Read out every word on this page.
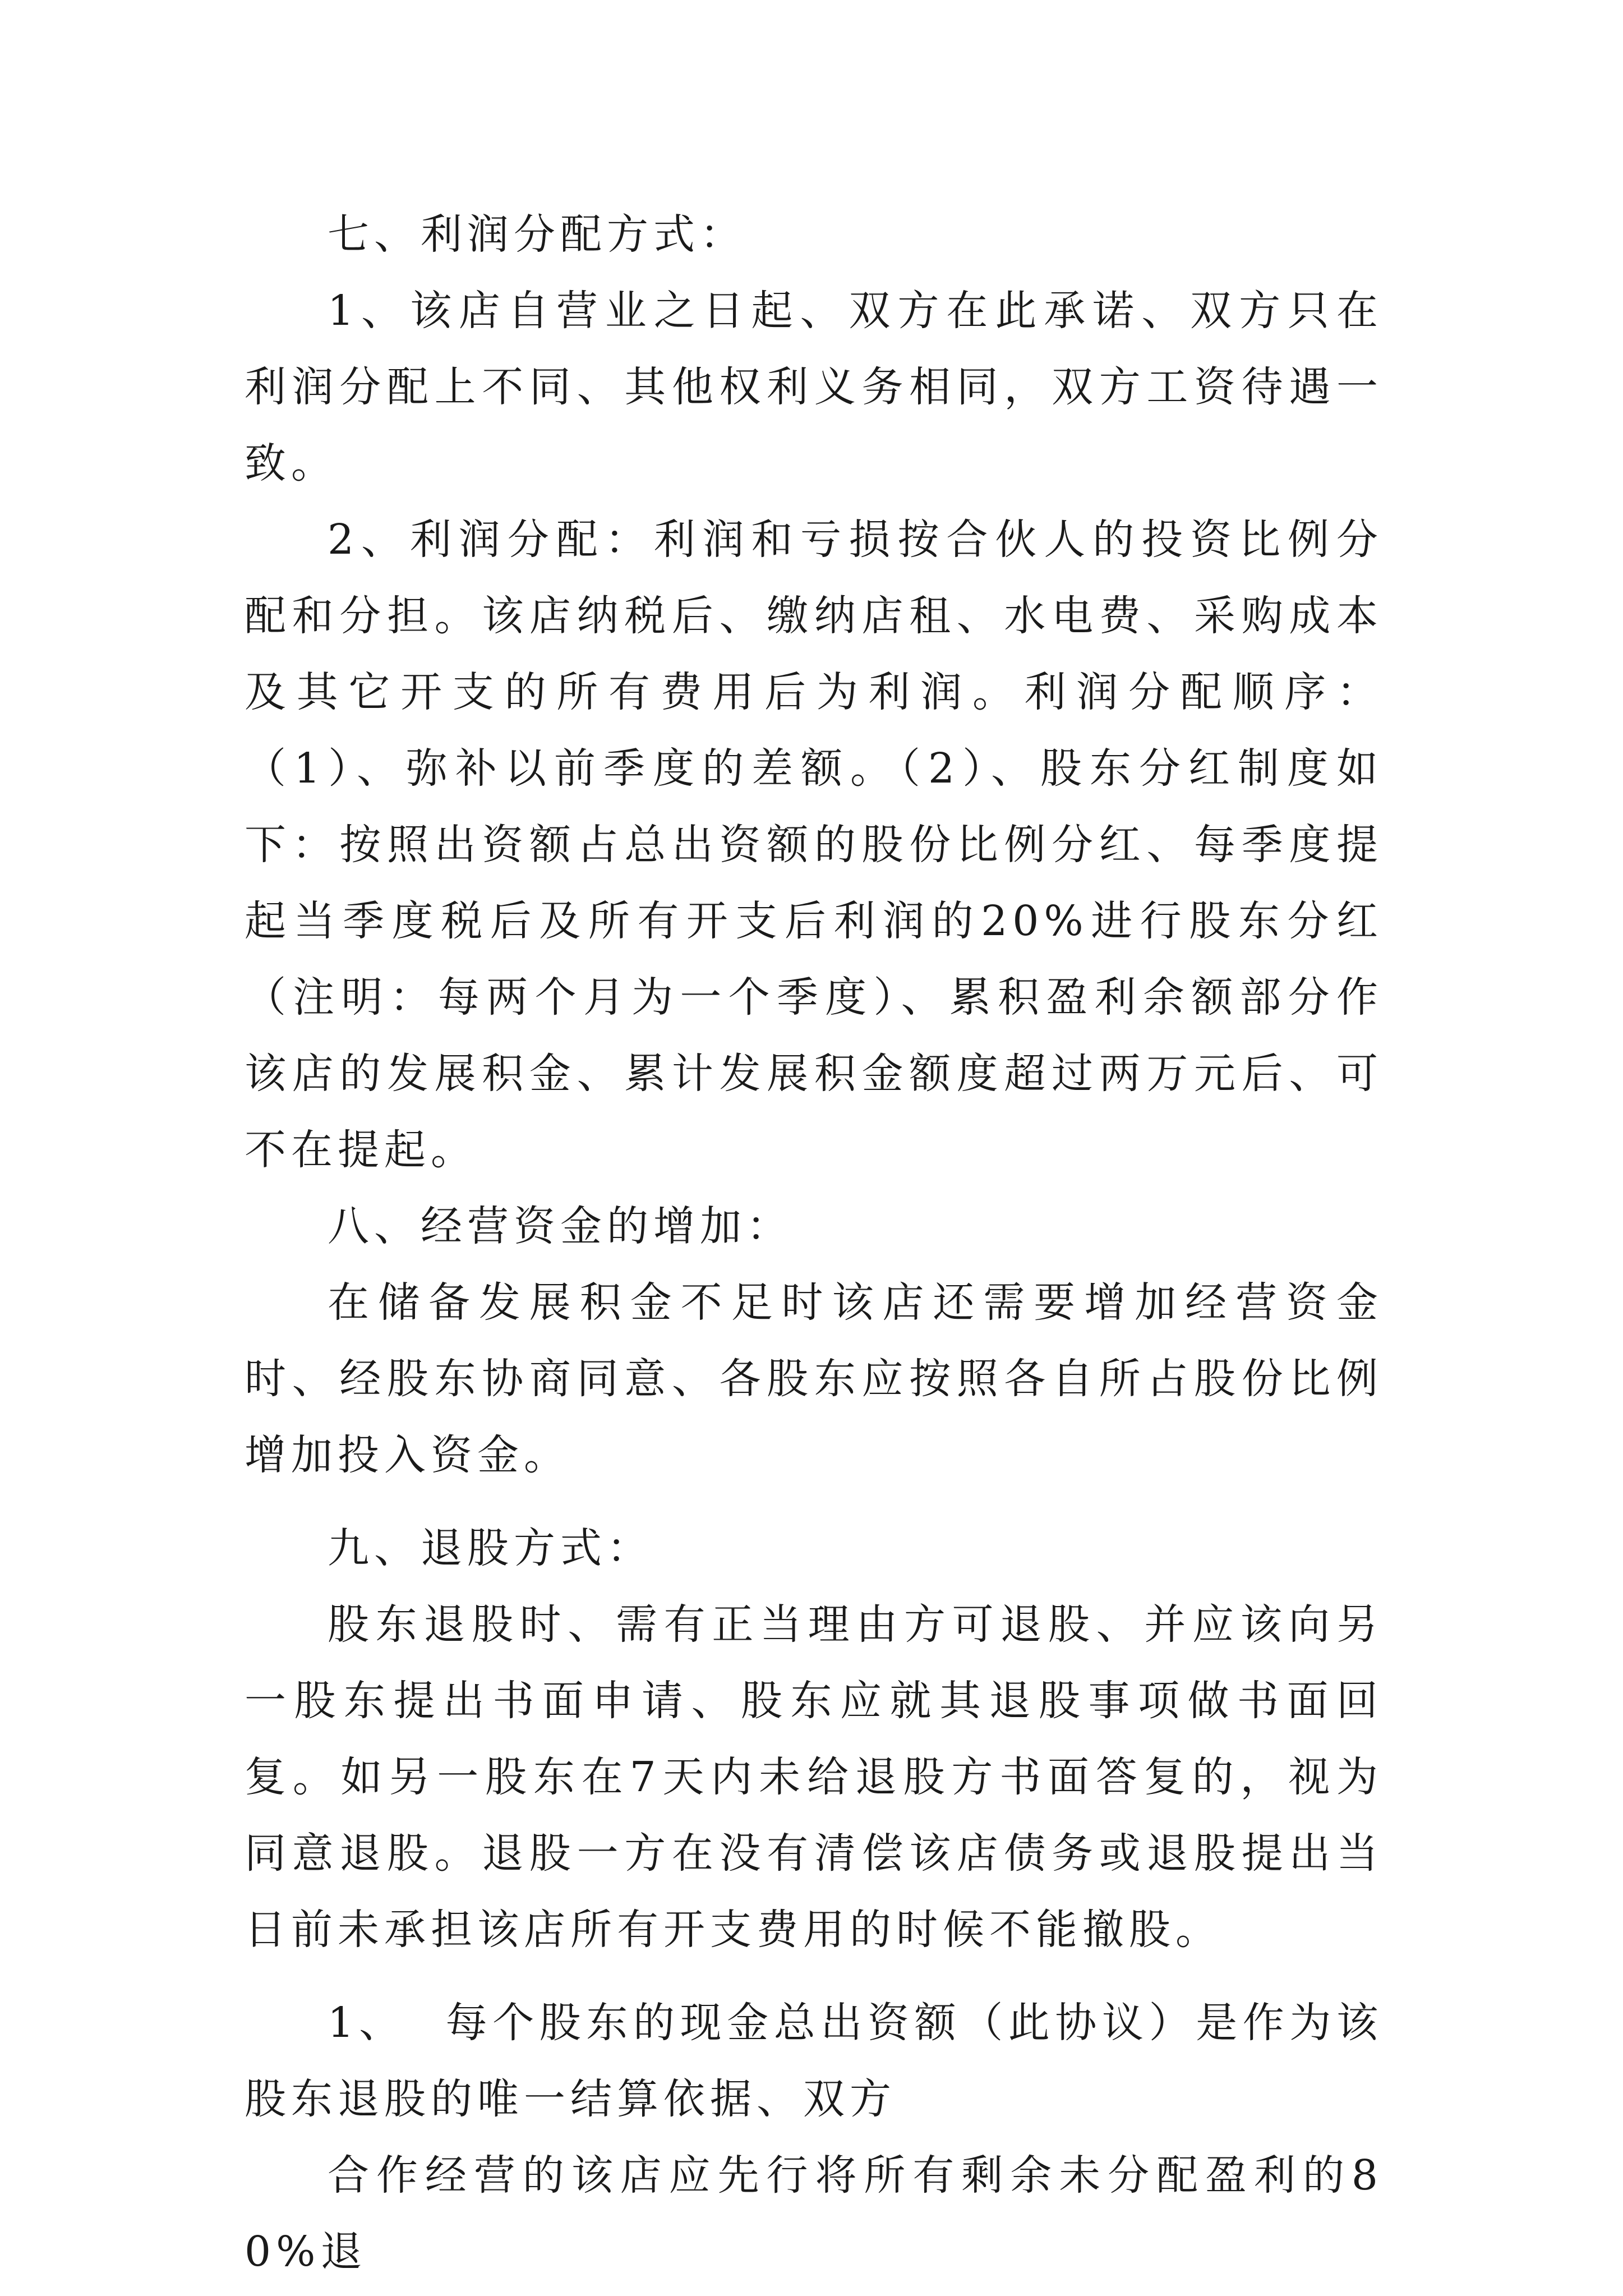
七、利润分配方式：

1、该店自营业之日起、双方在此承诺、双方只在利润分配上不同、其他权利义务相同，双方工资待遇一致。

2、利润分配：利润和亏损按合伙人的投资比例分配和分担。该店纳税后、缴纳店租、水电费、采购成本及其它开支的所有费用后为利润。利润分配顺序：（1）、弥补以前季度的差额。（2）、股东分红制度如下：按照出资额占总出资额的股份比例分红、每季度提起当季度税后及所有开支后利润的20%进行股东分红（注明：每两个月为一个季度）、累积盈利余额部分作该店的发展积金、累计发展积金额度超过两万元后、可不在提起。

八、经营资金的增加：

在储备发展积金不足时该店还需要增加经营资金时、经股东协商同意、各股东应按照各自所占股份比例增加投入资金。

九、退股方式：

股东退股时、需有正当理由方可退股、并应该向另一股东提出书面申请、股东应就其退股事项做书面回复。如另一股东在7天内未给退股方书面答复的，视为同意退股。退股一方在没有清偿该店债务或退股提出当日前未承担该店所有开支费用的时候不能撤股。

1、 每个股东的现金总出资额（此协议）是作为该股东退股的唯一结算依据、双方

合作经营的该店应先行将所有剩余未分配盈利的80%退
